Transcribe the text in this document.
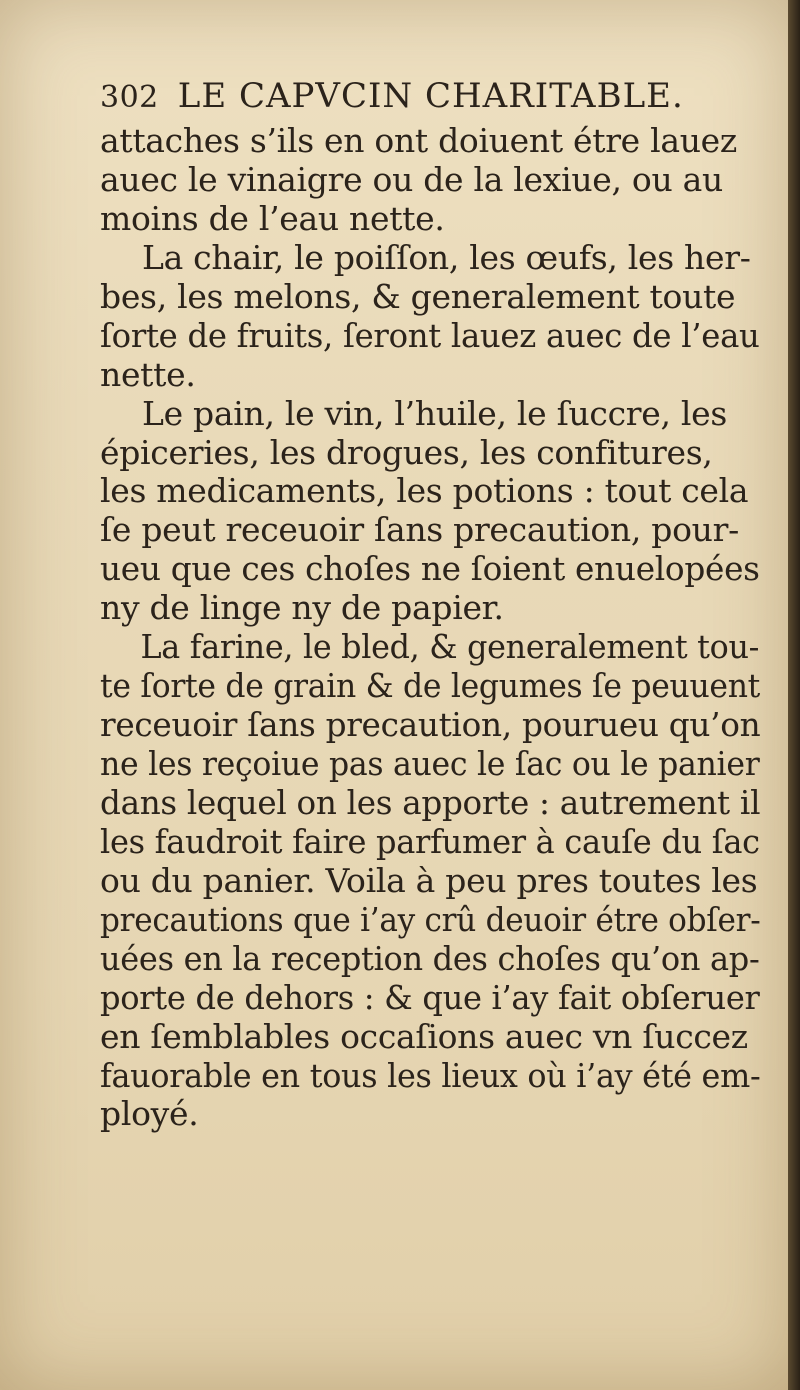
302 LE CAPVCIN CHARITABLE.
attaches s’ils en ont doiuent étre lauez
auec le vinaigre ou de la lexiue, ou au
moins de l’eau nette.
La chair, le poiſſon, les œufs, les her-
bes, les melons, & generalement toute
ſorte de fruits, ſeront lauez auec de l’eau
nette.
Le pain, le vin, l’huile, le ſuccre, les
épiceries, les drogues, les confitures,
les medicaments, les potions : tout cela
ſe peut receuoir ſans precaution, pour-
ueu que ces choſes ne ſoient enuelopées
ny de linge ny de papier.
La farine, le bled, & generalement tou-
te ſorte de grain & de legumes ſe peuuent
receuoir ſans precaution, pourueu qu’on
ne les reçoiue pas auec le ſac ou le panier
dans lequel on les apporte : autrement il
les faudroit faire parfumer à cauſe du ſac
ou du panier. Voila à peu pres toutes les
precautions que i’ay crû deuoir étre obſer-
uées en la reception des choſes qu’on ap-
porte de dehors : & que i’ay fait obſeruer
en ſemblables occaſions auec vn ſuccez
fauorable en tous les lieux où i’ay été em-
ployé.
